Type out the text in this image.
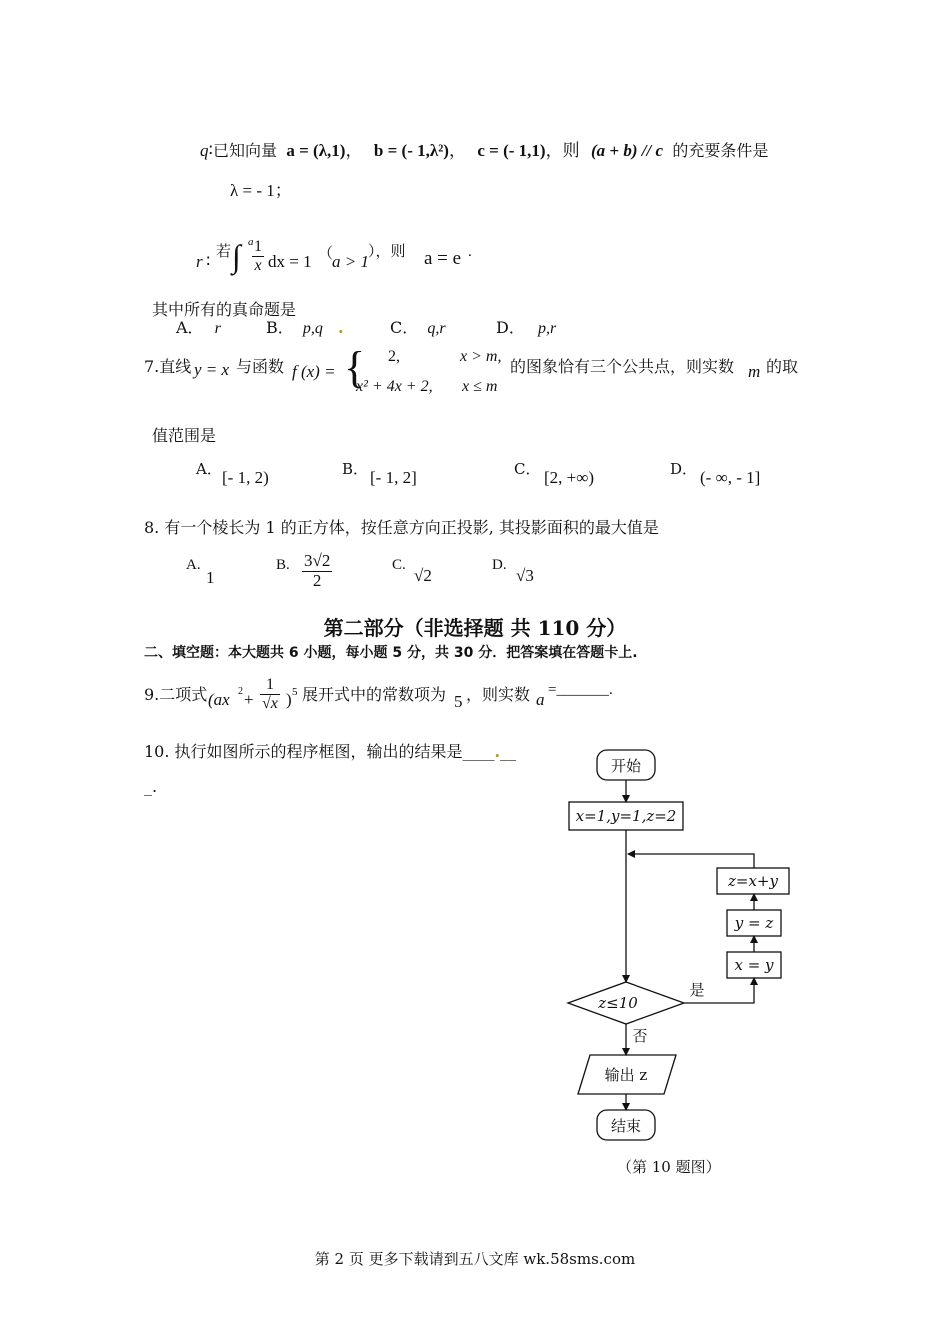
q∶已知向量 a = (λ,1)， b = (- 1,λ²)， c = (- 1,1)，则 (a + b) // c 的充要条件是
λ = - 1；
r ∶
若 ∫ a
$\frac{1}{x}$ dx = 1 （
a > 1
），则 a = e .
其中所有的真命题是
A． r	B． p,q .	C． q,r	D． p,r
7.直线 y = x 与函数 f (x) = { 2,	x > m,
x² + 4x + 2, x ≤ m
的图象恰有三个公共点，则实数 m 的取
值范围是
A． [- 1, 2)	B． [- 1, 2]	C． [2, +∞)	D． (- ∞, - 1]
8. 有一个棱长为 1 的正方体，按任意方向正投影, 其投影面积的最大值是
A.
1
B. $\frac{3√2}{2}$	C.
√2
D.
√3
第二部分（非选择题 共 110 分）
二、填空题：本大题共 6 小题，每小题 5 分，共 30 分．把答案填在答题卡上.
9.二项式 (ax $2 + \frac{1}{√x}$ ) 5 展开式中的常数项为 5 ，则实数 a =_______.
10. 执行如图所示的程序框图，输出的结果是____.__
_.
开始
x=1,y=1,z=2
z=x+y
y = z
x = y
z≤10
是
否
输出 z
结束
（第 10 题图）
第 2 页 更多下载请到五八文库 wk.58sms.com
